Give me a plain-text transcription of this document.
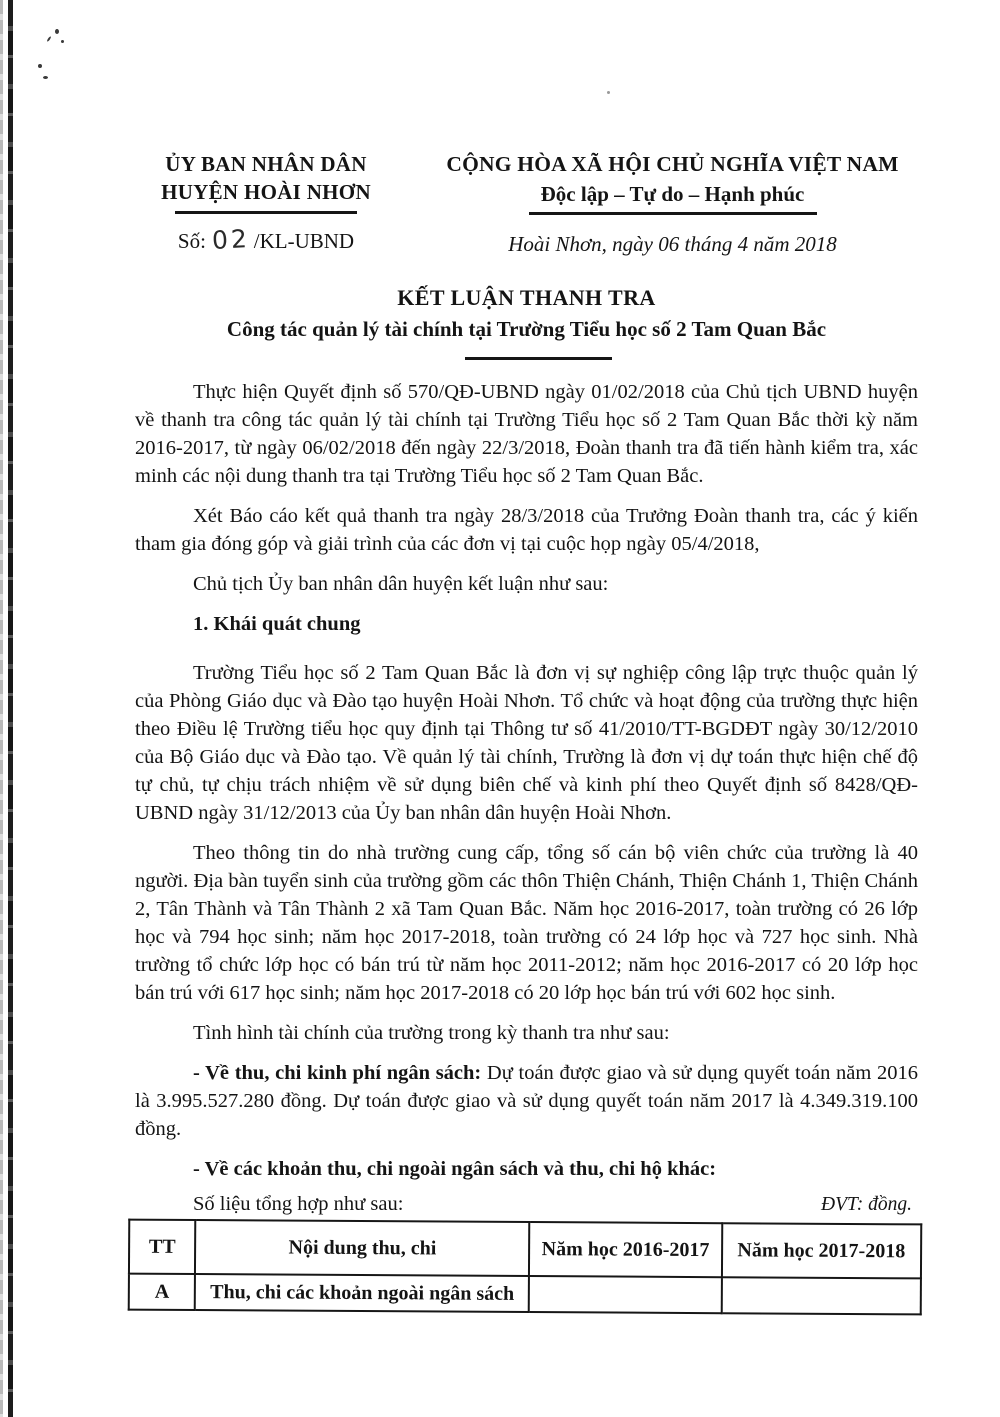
ỦY BAN NHÂN DÂN
HUYỆN HOÀI NHƠN
Số: 02 /KL-UBND
CỘNG HÒA XÃ HỘI CHỦ NGHĨA VIỆT NAM
Độc lập – Tự do – Hạnh phúc
Hoài Nhơn, ngày 06 tháng 4 năm 2018
KẾT LUẬN THANH TRA
Công tác quản lý tài chính tại Trường Tiểu học số 2 Tam Quan Bắc

Thực hiện Quyết định số 570/QĐ-UBND ngày 01/02/2018 của Chủ tịch UBND huyện về thanh tra công tác quản lý tài chính tại Trường Tiểu học số 2 Tam Quan Bắc thời kỳ năm 2016-2017, từ ngày 06/02/2018 đến ngày 22/3/2018, Đoàn thanh tra đã tiến hành kiểm tra, xác minh các nội dung thanh tra tại Trường Tiểu học số 2 Tam Quan Bắc.

Xét Báo cáo kết quả thanh tra ngày 28/3/2018 của Trưởng Đoàn thanh tra, các ý kiến tham gia đóng góp và giải trình của các đơn vị tại cuộc họp ngày 05/4/2018,

Chủ tịch Ủy ban nhân dân huyện kết luận như sau:

1. Khái quát chung

Trường Tiểu học số 2 Tam Quan Bắc là đơn vị sự nghiệp công lập trực thuộc quản lý của Phòng Giáo dục và Đào tạo huyện Hoài Nhơn. Tổ chức và hoạt động của trường thực hiện theo Điều lệ Trường tiểu học quy định tại Thông tư số 41/2010/TT-BGDĐT ngày 30/12/2010 của Bộ Giáo dục và Đào tạo. Về quản lý tài chính, Trường là đơn vị dự toán thực hiện chế độ tự chủ, tự chịu trách nhiệm về sử dụng biên chế và kinh phí theo Quyết định số 8428/QĐ-UBND ngày 31/12/2013 của Ủy ban nhân dân huyện Hoài Nhơn.

Theo thông tin do nhà trường cung cấp, tổng số cán bộ viên chức của trường là 40 người. Địa bàn tuyển sinh của trường gồm các thôn Thiện Chánh, Thiện Chánh 1, Thiện Chánh 2, Tân Thành và Tân Thành 2 xã Tam Quan Bắc. Năm học 2016-2017, toàn trường có 26 lớp học và 794 học sinh; năm học 2017-2018, toàn trường có 24 lớp học và 727 học sinh. Nhà trường tổ chức lớp học có bán trú từ năm học 2011-2012; năm học 2016-2017 có 20 lớp học bán trú với 617 học sinh; năm học 2017-2018 có 20 lớp học bán trú với 602 học sinh.

Tình hình tài chính của trường trong kỳ thanh tra như sau:

- Về thu, chi kinh phí ngân sách: Dự toán được giao và sử dụng quyết toán năm 2016 là 3.995.527.280 đồng. Dự toán được giao và sử dụng quyết toán năm 2017 là 4.349.319.100 đồng.

- Về các khoản thu, chi ngoài ngân sách và thu, chi hộ khác:

Số liệu tổng hợp như sau:	ĐVT: đồng.
TT	Nội dung thu, chi	Năm học 2016-2017	Năm học 2017-2018
A	Thu, chi các khoản ngoài ngân sách		
